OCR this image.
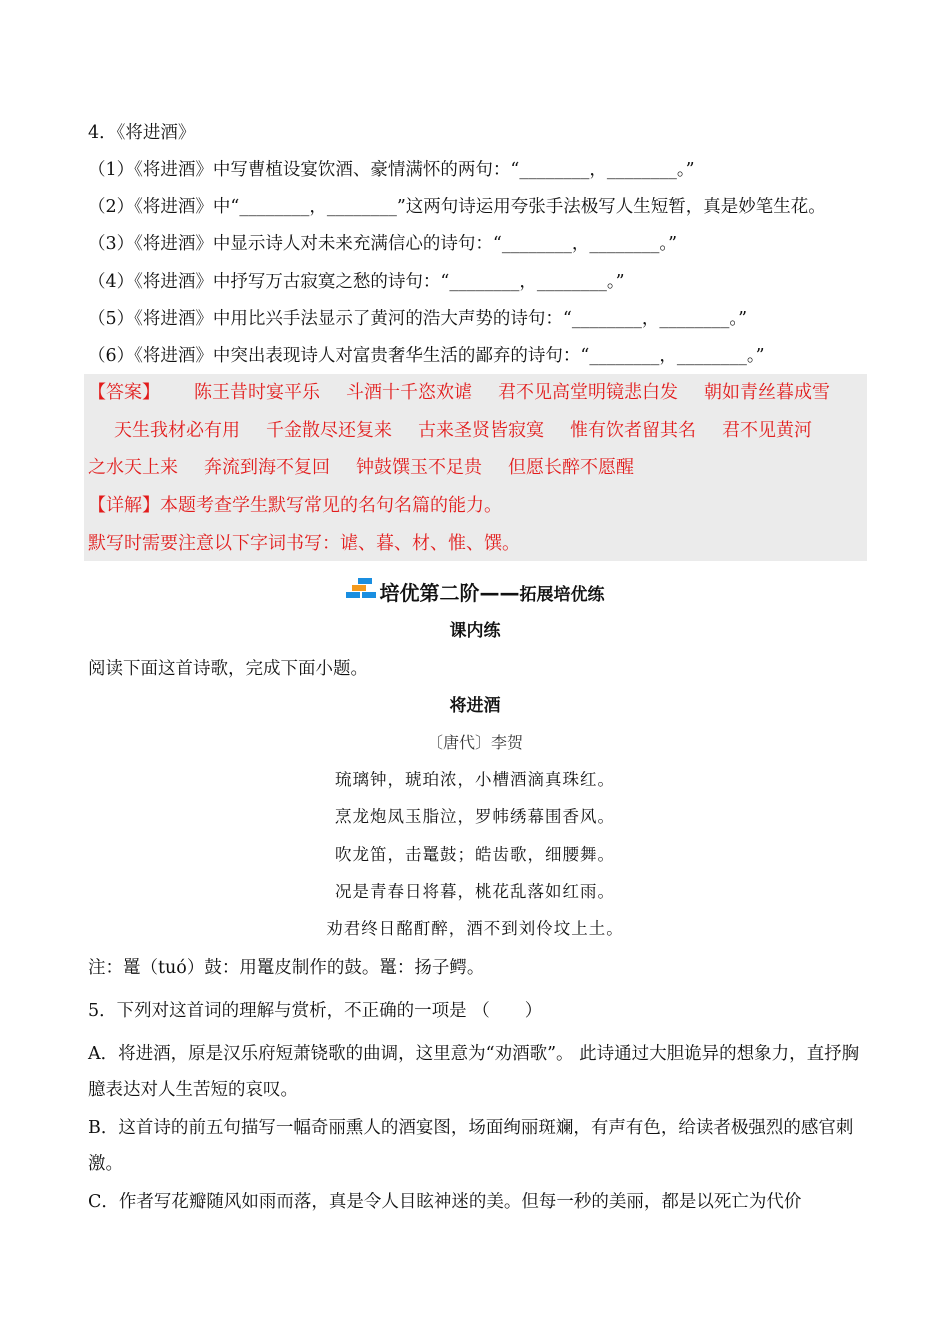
4．《将进酒》
（1）《将进酒》中写曹植设宴饮酒、豪情满怀的两句：“________，________。”
（2）《将进酒》中“________，________”这两句诗运用夸张手法极写人生短暂，真是妙笔生花。
（3）《将进酒》中显示诗人对未来充满信心的诗句：“________，________。”
（4）《将进酒》中抒写万古寂寞之愁的诗句：“________，________。”
（5）《将进酒》中用比兴手法显示了黄河的浩大声势的诗句：“________，________。”
（6）《将进酒》中突出表现诗人对富贵奢华生活的鄙弃的诗句：“________，________。”
【答案】 陈王昔时宴平乐 斗酒十千恣欢谑 君不见高堂明镜悲白发 朝如青丝暮成雪
天生我材必有用 千金散尽还复来 古来圣贤皆寂寞 惟有饮者留其名 君不见黄河
之水天上来 奔流到海不复回 钟鼓馔玉不足贵 但愿长醉不愿醒
【详解】本题考查学生默写常见的名句名篇的能力。
默写时需要注意以下字词书写：谑、暮、材、惟、馔。
培优第二阶——拓展培优练
课内练
阅读下面这首诗歌，完成下面小题。
将进酒
〔唐代〕李贺
琉璃钟，琥珀浓，小槽酒滴真珠红。
烹龙炮凤玉脂泣，罗帏绣幕围香风。
吹龙笛，击鼍鼓；皓齿歌，细腰舞。
况是青春日将暮，桃花乱落如红雨。
劝君终日酩酊醉，酒不到刘伶坟上土。
注：鼍（tuó）鼓：用鼍皮制作的鼓。鼍：扬子鳄。
5．下列对这首词的理解与赏析，不正确的一项是 （　　）
A．将进酒，原是汉乐府短萧铙歌的曲调，这里意为“劝酒歌”。 此诗通过大胆诡异的想象力，直抒胸臆表达对人生苦短的哀叹。
B．这首诗的前五句描写一幅奇丽熏人的酒宴图，场面绚丽斑斓，有声有色，给读者极强烈的感官刺激。
C．作者写花瓣随风如雨而落，真是令人目眩神迷的美。但每一秒的美丽，都是以死亡为代价
